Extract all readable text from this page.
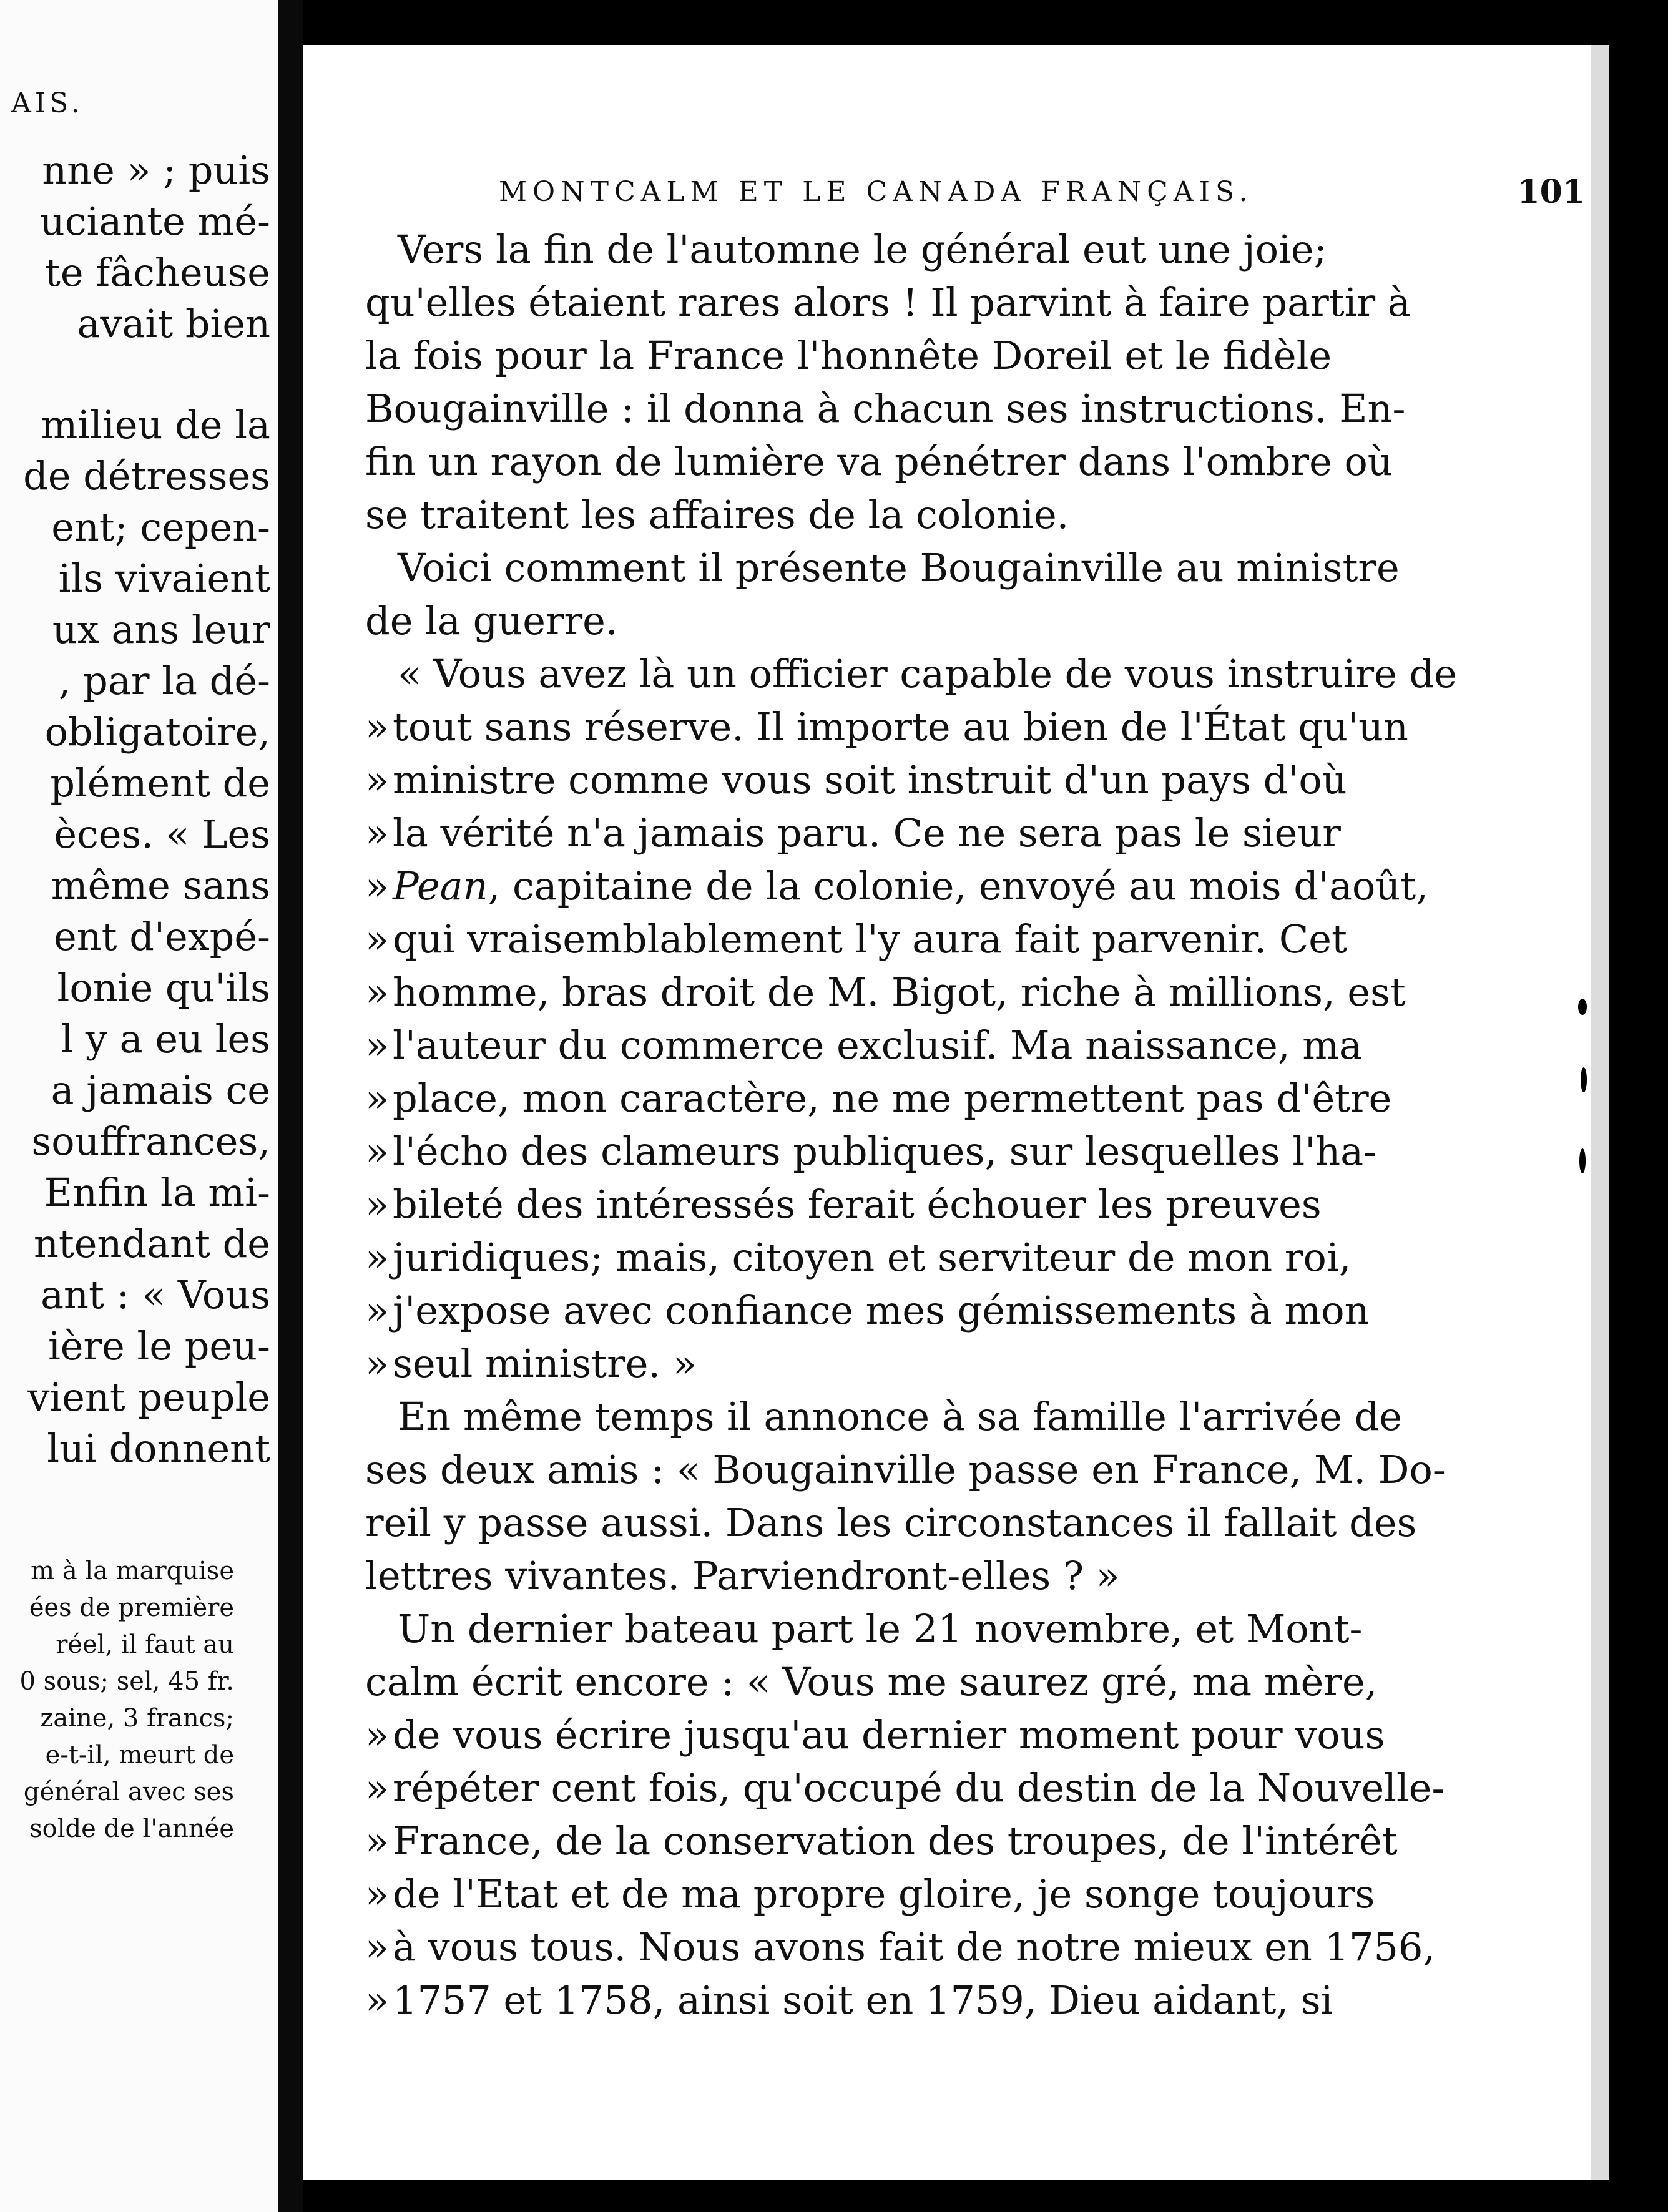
AIS.
nne » ; puis
uciante mé-
te fâcheuse
avait bien
milieu de la
de détresses
ent; cepen-
ils vivaient
ux ans leur
, par la dé-
obligatoire,
plément de
èces. « Les
même sans
ent d'expé-
lonie qu'ils
l y a eu les
a jamais ce
souffrances,
Enfin la mi-
ntendant de
ant : « Vous
ière le peu-
vient peuple
lui donnent
m à la marquise
ées de première
réel, il faut au
0 sous; sel, 45 fr.
zaine, 3 francs;
e-t-il, meurt de
général avec ses
solde de l'année
MONTCALM ET LE CANADA FRANÇAIS.	101
Vers la fin de l'automne le général eut une joie;
qu'elles étaient rares alors ! Il parvint à faire partir à
la fois pour la France l'honnête Doreil et le fidèle
Bougainville : il donna à chacun ses instructions. En-
fin un rayon de lumière va pénétrer dans l'ombre où
se traitent les affaires de la colonie.
Voici comment il présente Bougainville au ministre
de la guerre.
« Vous avez là un officier capable de vous instruire de
»tout sans réserve. Il importe au bien de l'État qu'un
»ministre comme vous soit instruit d'un pays d'où
»la vérité n'a jamais paru. Ce ne sera pas le sieur
»Pean, capitaine de la colonie, envoyé au mois d'août,
»qui vraisemblablement l'y aura fait parvenir. Cet
»homme, bras droit de M. Bigot, riche à millions, est
»l'auteur du commerce exclusif. Ma naissance, ma
»place, mon caractère, ne me permettent pas d'être
»l'écho des clameurs publiques, sur lesquelles l'ha-
»bileté des intéressés ferait échouer les preuves
»juridiques; mais, citoyen et serviteur de mon roi,
»j'expose avec confiance mes gémissements à mon
»seul ministre. »
En même temps il annonce à sa famille l'arrivée de
ses deux amis : « Bougainville passe en France, M. Do-
reil y passe aussi. Dans les circonstances il fallait des
lettres vivantes. Parviendront-elles ? »
Un dernier bateau part le 21 novembre, et Mont-
calm écrit encore : « Vous me saurez gré, ma mère,
»de vous écrire jusqu'au dernier moment pour vous
»répéter cent fois, qu'occupé du destin de la Nouvelle-
»France, de la conservation des troupes, de l'intérêt
»de l'Etat et de ma propre gloire, je songe toujours
»à vous tous. Nous avons fait de notre mieux en 1756,
»1757 et 1758, ainsi soit en 1759, Dieu aidant, si
